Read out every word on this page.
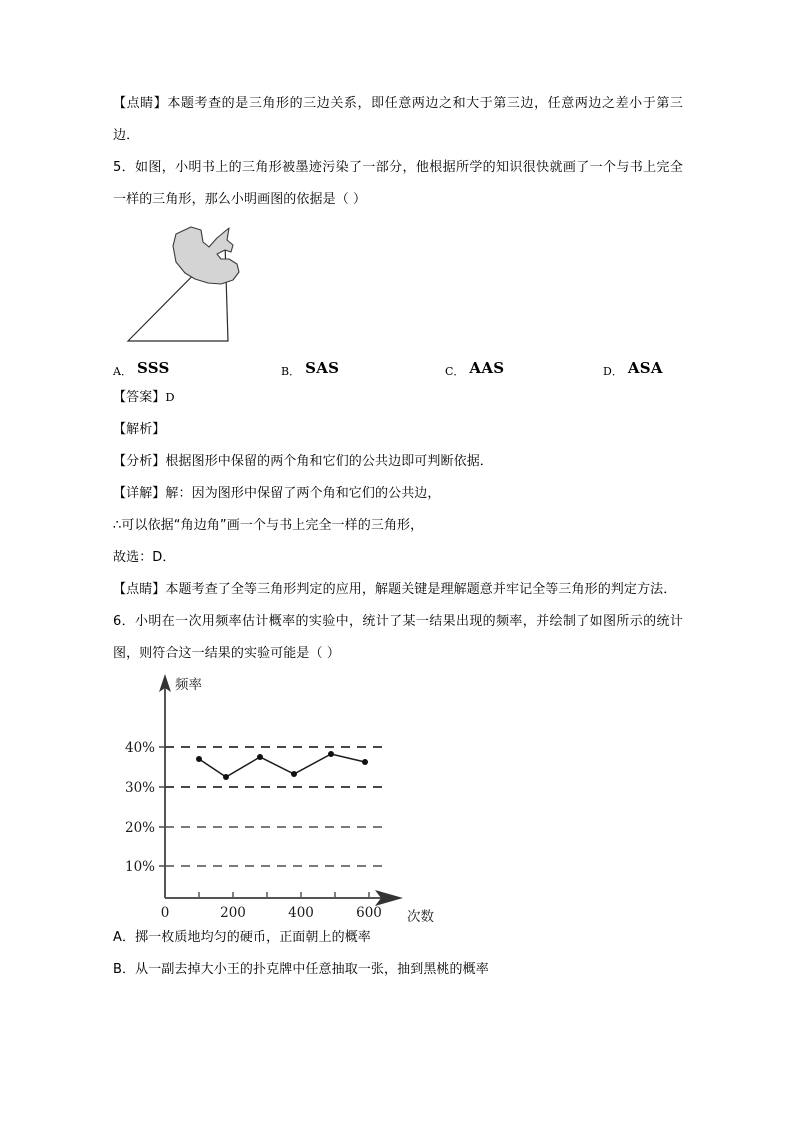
【点睛】本题考查的是三角形的三边关系，即任意两边之和大于第三边，任意两边之差小于第三边．

5．如图，小明书上的三角形被墨迹污染了一部分，他根据所学的知识很快就画了一个与书上完全一样的三角形，那么小明画图的依据是（ ）

A． SSS	B． SAS	C． AAS	D． ASA

【答案】D

【解析】

【分析】根据图形中保留的两个角和它们的公共边即可判断依据．

【详解】解：因为图形中保留了两个角和它们的公共边，

∴可以依据“角边角”画一个与书上完全一样的三角形，

故选：D．

【点睛】本题考查了全等三角形判定的应用，解题关键是理解题意并牢记全等三角形的判定方法．

6．小明在一次用频率估计概率的实验中，统计了某一结果出现的频率，并绘制了如图所示的统计图，则符合这一结果的实验可能是（ ）

10%
20%
30%
40%
0	200	400	600
频率
次数

A．掷一枚质地均匀的硬币，正面朝上的概率

B．从一副去掉大小王的扑克牌中任意抽取一张，抽到黑桃的概率
